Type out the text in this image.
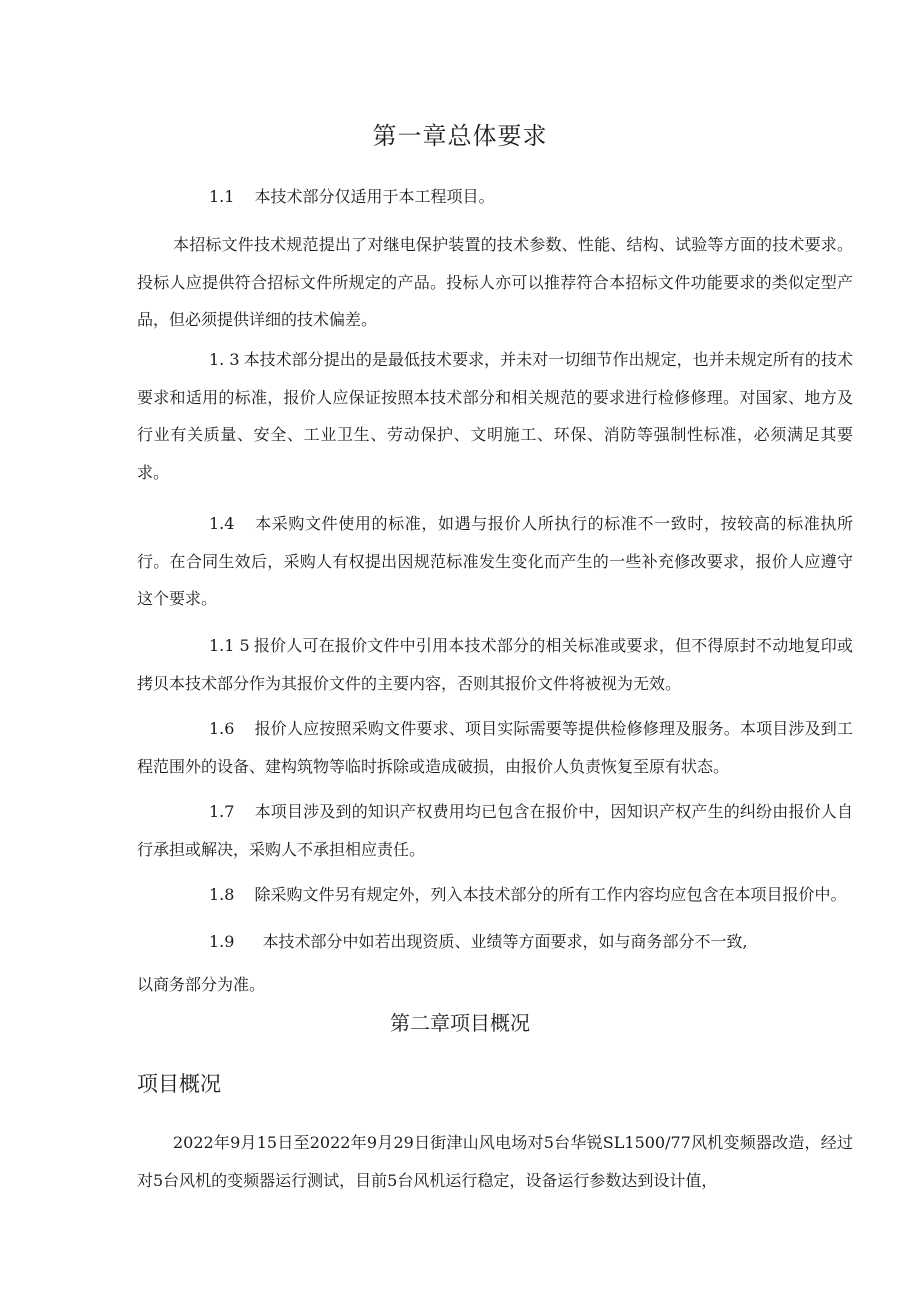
第一章总体要求

1.1  本技术部分仅适用于本工程项目。

本招标文件技术规范提出了对继电保护装置的技术参数、性能、结构、试验等方面的技术要求。投标人应提供符合招标文件所规定的产品。投标人亦可以推荐符合本招标文件功能要求的类似定型产品，但必须提供详细的技术偏差。

1. 3 本技术部分提出的是最低技术要求，并未对一切细节作出规定，也并未规定所有的技术要求和适用的标准，报价人应保证按照本技术部分和相关规范的要求进行检修修理。对国家、地方及行业有关质量、安全、工业卫生、劳动保护、文明施工、环保、消防等强制性标准，必须满足其要求。

1.4  本采购文件使用的标准，如遇与报价人所执行的标准不一致时，按较高的标准执所行。在合同生效后，采购人有权提出因规范标准发生变化而产生的一些补充修改要求，报价人应遵守这个要求。

1.1 5 报价人可在报价文件中引用本技术部分的相关标准或要求，但不得原封不动地复印或拷贝本技术部分作为其报价文件的主要内容，否则其报价文件将被视为无效。

1.6  报价人应按照采购文件要求、项目实际需要等提供检修修理及服务。本项目涉及到工程范围外的设备、建构筑物等临时拆除或造成破损，由报价人负责恢复至原有状态。

1.7  本项目涉及到的知识产权费用均已包含在报价中，因知识产权产生的纠纷由报价人自行承担或解决，采购人不承担相应责任。

1.8  除采购文件另有规定外，列入本技术部分的所有工作内容均应包含在本项目报价中。

1.9   本技术部分中如若出现资质、业绩等方面要求，如与商务部分不一致,

以商务部分为准。
第二章项目概况
项目概况

2022年9月15日至2022年9月29日街津山风电场对5台华锐SL1500/77风机变频器改造，经过对5台风机的变频器运行测试，目前5台风机运行稳定，设备运行参数达到设计值，
